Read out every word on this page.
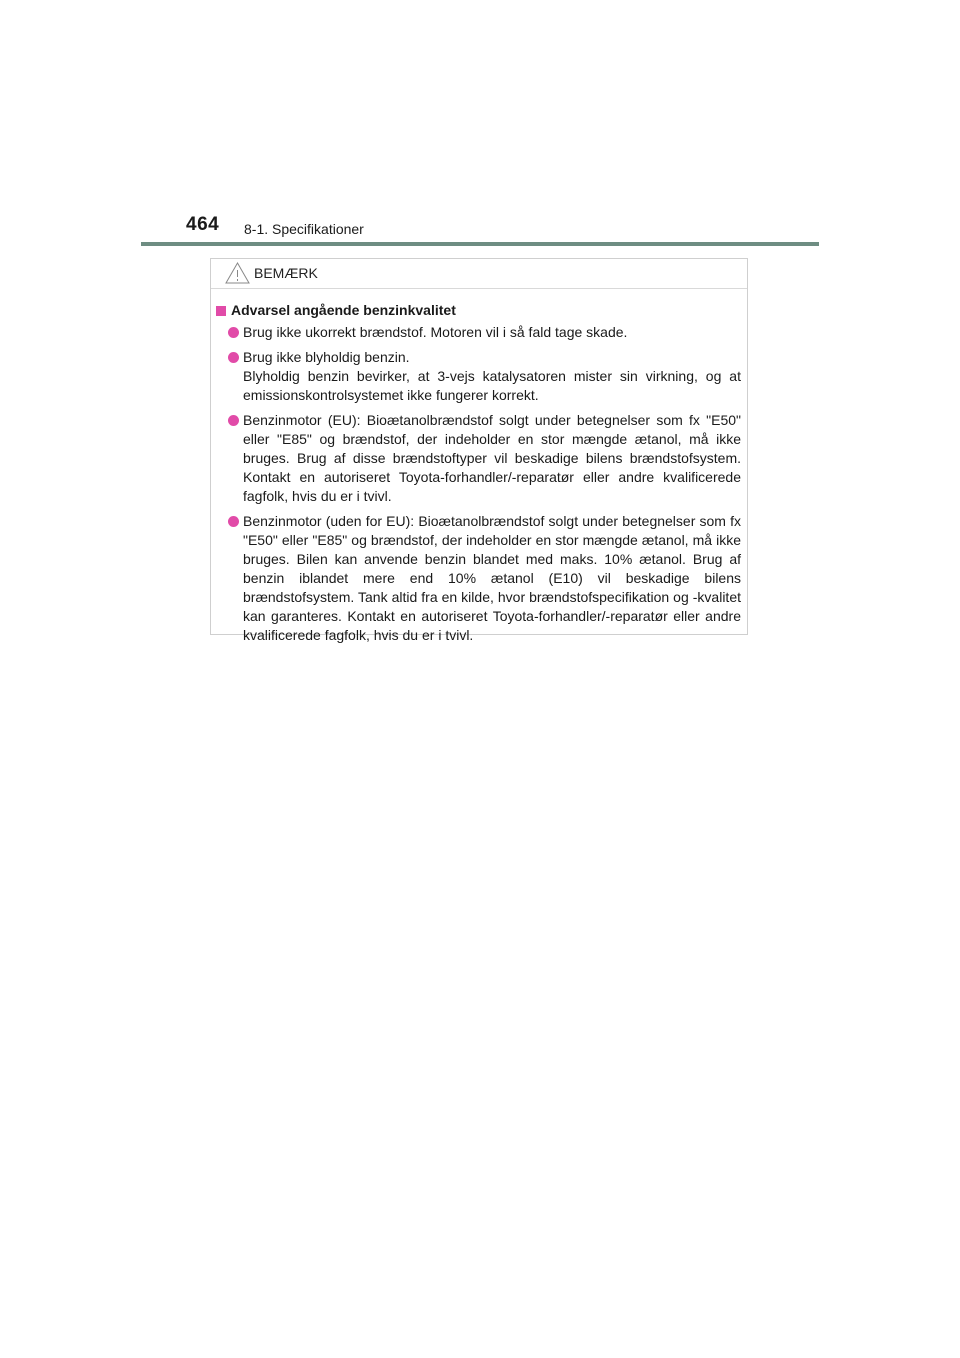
464 8-1. Specifikationer
BEMÆRK
Advarsel angående benzinkvalitet
Brug ikke ukorrekt brændstof. Motoren vil i så fald tage skade.
Brug ikke blyholdig benzin.
Blyholdig benzin bevirker, at 3-vejs katalysatoren mister sin virkning, og at emissionskontrolsystemet ikke fungerer korrekt.
Benzinmotor (EU): Bioætanolbrændstof solgt under betegnelser som fx "E50" eller "E85" og brændstof, der indeholder en stor mængde ætanol, må ikke bruges. Brug af disse brændstoftyper vil beskadige bilens brændstofsystem. Kontakt en autoriseret Toyota-forhandler/-reparatør eller andre kvalificerede fagfolk, hvis du er i tvivl.
Benzinmotor (uden for EU): Bioætanolbrændstof solgt under betegnelser som fx "E50" eller "E85" og brændstof, der indeholder en stor mængde ætanol, må ikke bruges. Bilen kan anvende benzin blandet med maks. 10% ætanol. Brug af benzin iblandet mere end 10% ætanol (E10) vil beskadige bilens brændstofsystem. Tank altid fra en kilde, hvor brændstofspecifikation og -kvalitet kan garanteres. Kontakt en autoriseret Toyota-forhandler/-reparatør eller andre kvalificerede fagfolk, hvis du er i tvivl.
